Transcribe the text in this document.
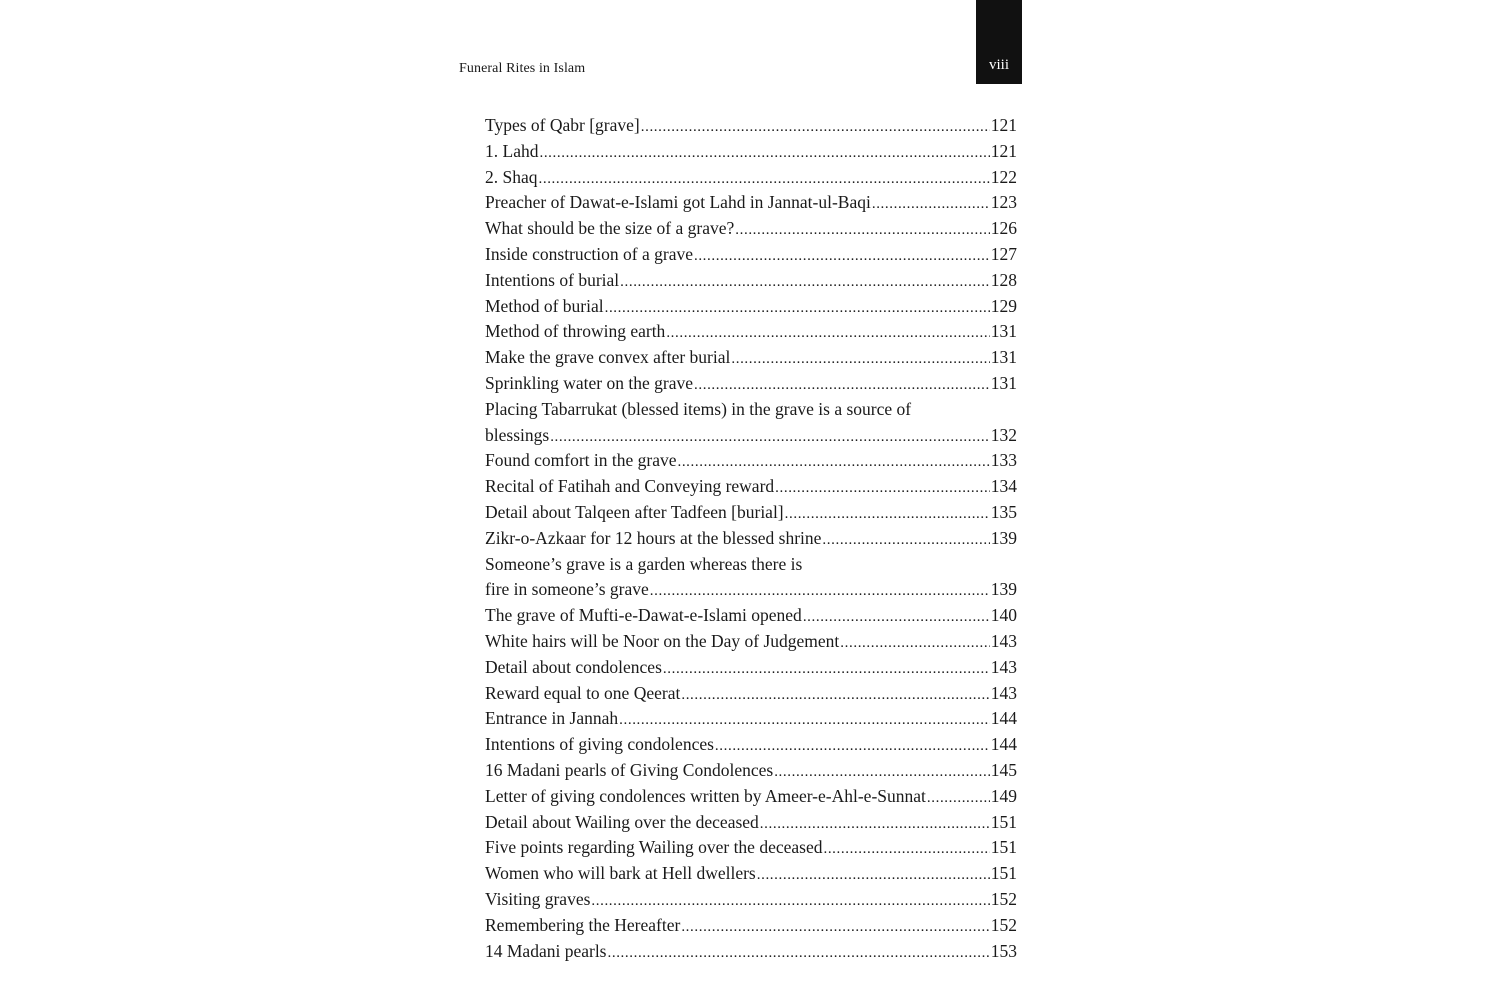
Funeral Rites in Islam	viii
Types of Qabr [grave] .....	121
1. Lahd .....	121
2. Shaq .....	122
Preacher of Dawat-e-Islami got Lahd in Jannat-ul-Baqi .....	123
What should be the size of a grave? .....	126
Inside construction of a grave .....	127
Intentions of burial .....	128
Method of burial .....	129
Method of throwing earth .....	131
Make the grave convex after burial .....	131
Sprinkling water on the grave .....	131
Placing Tabarrukat (blessed items) in the grave is a source of
blessings .....	132
Found comfort in the grave .....	133
Recital of Fatihah and Conveying reward .....	134
Detail about Talqeen after Tadfeen [burial] .....	135
Zikr-o-Azkaar for 12 hours at the blessed shrine .....	139
Someone’s grave is a garden whereas there is
fire in someone’s grave .....	139
The grave of Mufti-e-Dawat-e-Islami opened .....	140
White hairs will be Noor on the Day of Judgement .....	143
Detail about condolences .....	143
Reward equal to one Qeerat .....	143
Entrance in Jannah .....	144
Intentions of giving condolences .....	144
16 Madani pearls of Giving Condolences .....	145
Letter of giving condolences written by Ameer-e-Ahl-e-Sunnat .....	149
Detail about Wailing over the deceased .....	151
Five points regarding Wailing over the deceased .....	151
Women who will bark at Hell dwellers .....	151
Visiting graves .....	152
Remembering the Hereafter .....	152
14 Madani pearls .....	153
